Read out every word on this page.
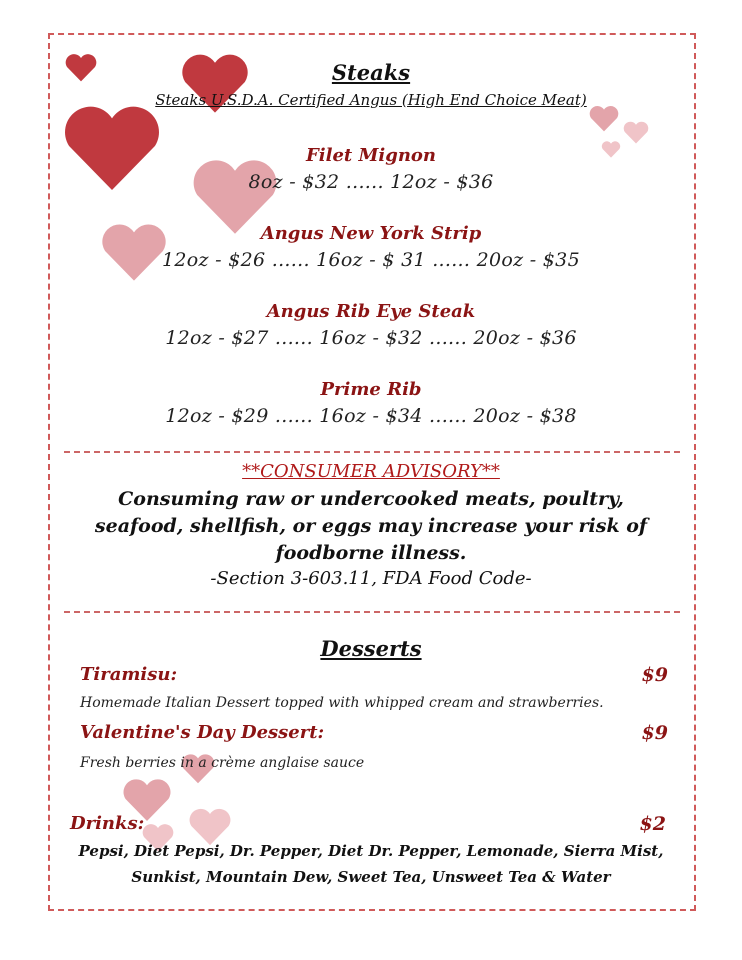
Steaks
Steaks U.S.D.A. Certified Angus (High End Choice Meat)
Filet Mignon
8oz - $32 ...... 12oz - $36
Angus New York Strip
12oz - $26 ...... 16oz - $ 31 ...... 20oz - $35
Angus Rib Eye Steak
12oz - $27 ...... 16oz - $32 ...... 20oz - $36
Prime Rib
12oz - $29 ...... 16oz - $34 ...... 20oz - $38
**CONSUMER ADVISORY**
Consuming raw or undercooked meats, poultry,
seafood, shellfish, or eggs may increase your risk of
foodborne illness.
-Section 3-603.11, FDA Food Code-
Desserts
Tiramisu:	$9
Homemade Italian Dessert topped with whipped cream and strawberries.
Valentine's Day Dessert:	$9
Fresh berries in a crème anglaise sauce
Drinks:	$2
Pepsi, Diet Pepsi, Dr. Pepper, Diet Dr. Pepper, Lemonade, Sierra Mist,
Sunkist, Mountain Dew, Sweet Tea, Unsweet Tea & Water
